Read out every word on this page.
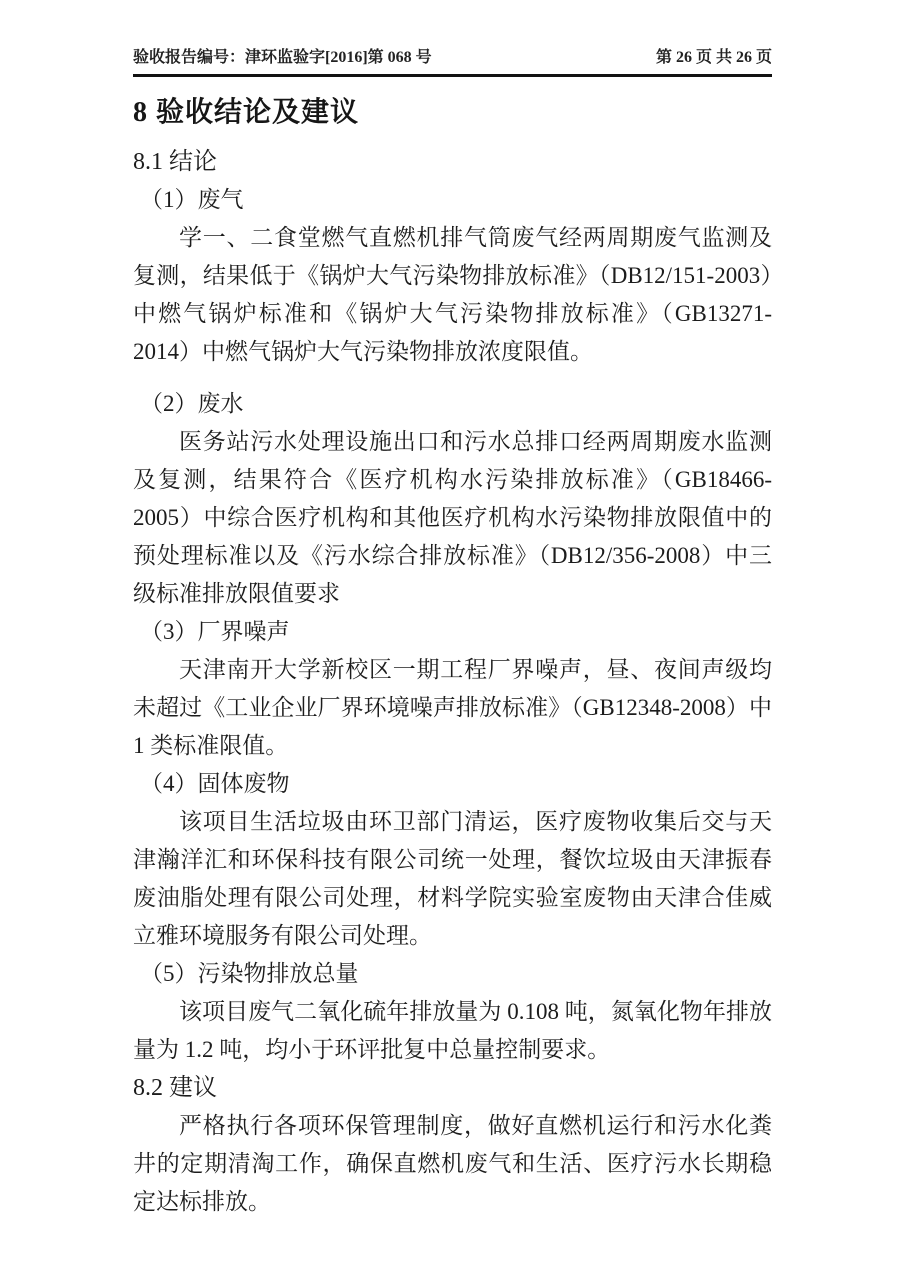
验收报告编号：津环监验字[2016]第 068 号	第 26 页 共 26 页
8 验收结论及建议
8.1 结论
（1）废气

学一、二食堂燃气直燃机排气筒废气经两周期废气监测及复测，结果低于《锅炉大气污染物排放标准》（DB12/151-2003）中燃气锅炉标准和《锅炉大气污染物排放标准》（GB13271-2014）中燃气锅炉大气污染物排放浓度限值。

（2）废水

医务站污水处理设施出口和污水总排口经两周期废水监测及复测，结果符合《医疗机构水污染排放标准》（GB18466-2005）中综合医疗机构和其他医疗机构水污染物排放限值中的预处理标准以及《污水综合排放标准》（DB12/356-2008）中三级标准排放限值要求

（3）厂界噪声

天津南开大学新校区一期工程厂界噪声，昼、夜间声级均未超过《工业企业厂界环境噪声排放标准》（GB12348-2008）中 1 类标准限值。

（4）固体废物

该项目生活垃圾由环卫部门清运，医疗废物收集后交与天津瀚洋汇和环保科技有限公司统一处理，餐饮垃圾由天津振春废油脂处理有限公司处理，材料学院实验室废物由天津合佳威立雅环境服务有限公司处理。

（5）污染物排放总量

该项目废气二氧化硫年排放量为 0.108 吨，氮氧化物年排放量为 1.2 吨，均小于环评批复中总量控制要求。

8.2 建议

严格执行各项环保管理制度，做好直燃机运行和污水化粪井的定期清淘工作，确保直燃机废气和生活、医疗污水长期稳定达标排放。
